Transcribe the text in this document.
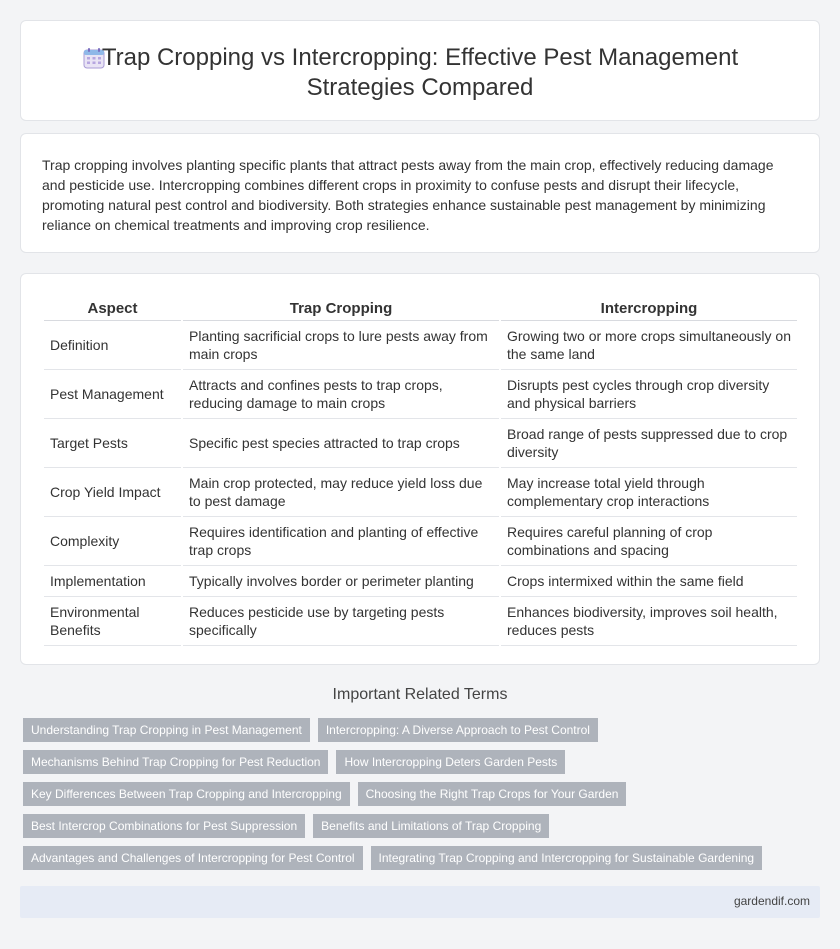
Trap Cropping vs Intercropping: Effective Pest Management
Strategies Compared

Trap cropping involves planting specific plants that attract pests away from the main crop, effectively reducing damage and pesticide use. Intercropping combines different crops in proximity to confuse pests and disrupt their lifecycle, promoting natural pest control and biodiversity. Both strategies enhance sustainable pest management by minimizing reliance on chemical treatments and improving crop resilience.

Aspect	Trap Cropping	Intercropping
Definition	Planting sacrificial crops to lure pests away from main crops	Growing two or more crops simultaneously on the same land
Pest Management	Attracts and confines pests to trap crops, reducing damage to main crops	Disrupts pest cycles through crop diversity and physical barriers
Target Pests	Specific pest species attracted to trap crops	Broad range of pests suppressed due to crop diversity
Crop Yield Impact	Main crop protected, may reduce yield loss due to pest damage	May increase total yield through complementary crop interactions
Complexity	Requires identification and planting of effective trap crops	Requires careful planning of crop combinations and spacing
Implementation	Typically involves border or perimeter planting	Crops intermixed within the same field
Environmental Benefits	Reduces pesticide use by targeting pests specifically	Enhances biodiversity, improves soil health, reduces pests
Important Related Terms
Understanding Trap Cropping in Pest Management	Intercropping: A Diverse Approach to Pest Control
Mechanisms Behind Trap Cropping for Pest Reduction	How Intercropping Deters Garden Pests
Key Differences Between Trap Cropping and Intercropping	Choosing the Right Trap Crops for Your Garden
Best Intercrop Combinations for Pest Suppression	Benefits and Limitations of Trap Cropping
Advantages and Challenges of Intercropping for Pest Control	Integrating Trap Cropping and Intercropping for Sustainable Gardening
gardendif.com
